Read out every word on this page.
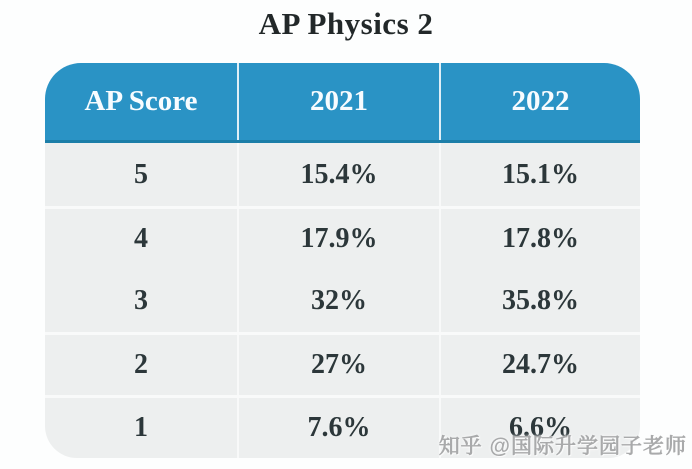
AP Physics 2
AP Score	2021	2022
5	15.4%	15.1%
4	17.9%	17.8%
3	32%	35.8%
2	27%	24.7%
1	7.6%	6.6%
知乎 @国际升学园子老师
